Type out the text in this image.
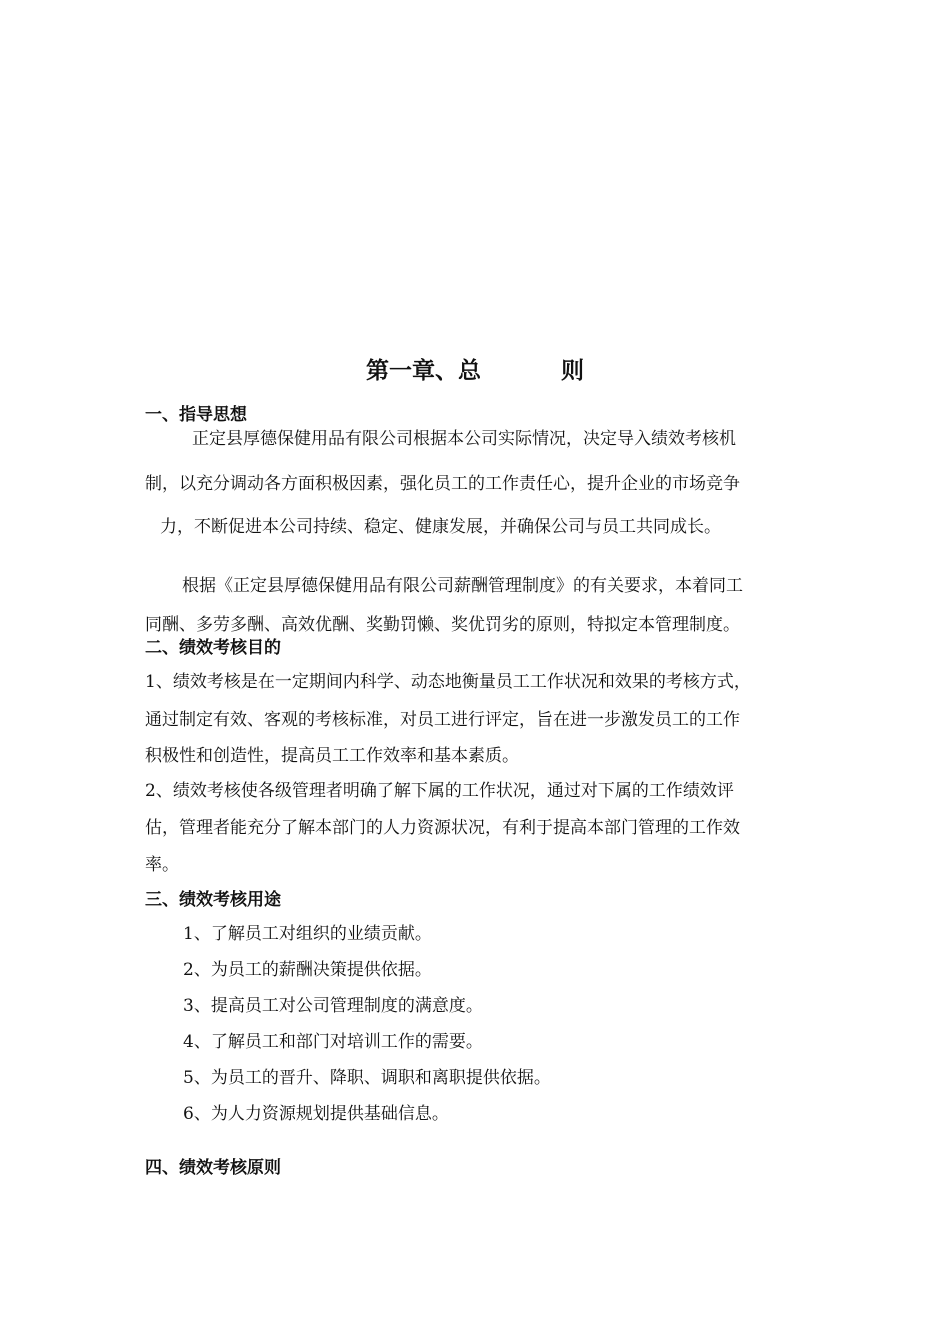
第一章、总	则
一、指导思想
正定县厚德保健用品有限公司根据本公司实际情况，决定导入绩效考核机
制，以充分调动各方面积极因素，强化员工的工作责任心，提升企业的市场竞争
力，不断促进本公司持续、稳定、健康发展，并确保公司与员工共同成长。
根据《正定县厚德保健用品有限公司薪酬管理制度》的有关要求，本着同工
同酬、多劳多酬、高效优酬、奖勤罚懒、奖优罚劣的原则，特拟定本管理制度。
二、绩效考核目的
1、绩效考核是在一定期间内科学、动态地衡量员工工作状况和效果的考核方式，
通过制定有效、客观的考核标准，对员工进行评定，旨在进一步激发员工的工作
积极性和创造性，提高员工工作效率和基本素质。
2、绩效考核使各级管理者明确了解下属的工作状况，通过对下属的工作绩效评
估，管理者能充分了解本部门的人力资源状况，有利于提高本部门管理的工作效
率。
三、绩效考核用途
1、了解员工对组织的业绩贡献。
2、为员工的薪酬决策提供依据。
3、提高员工对公司管理制度的满意度。
4、了解员工和部门对培训工作的需要。
5、为员工的晋升、降职、调职和离职提供依据。
6、为人力资源规划提供基础信息。
四、绩效考核原则
